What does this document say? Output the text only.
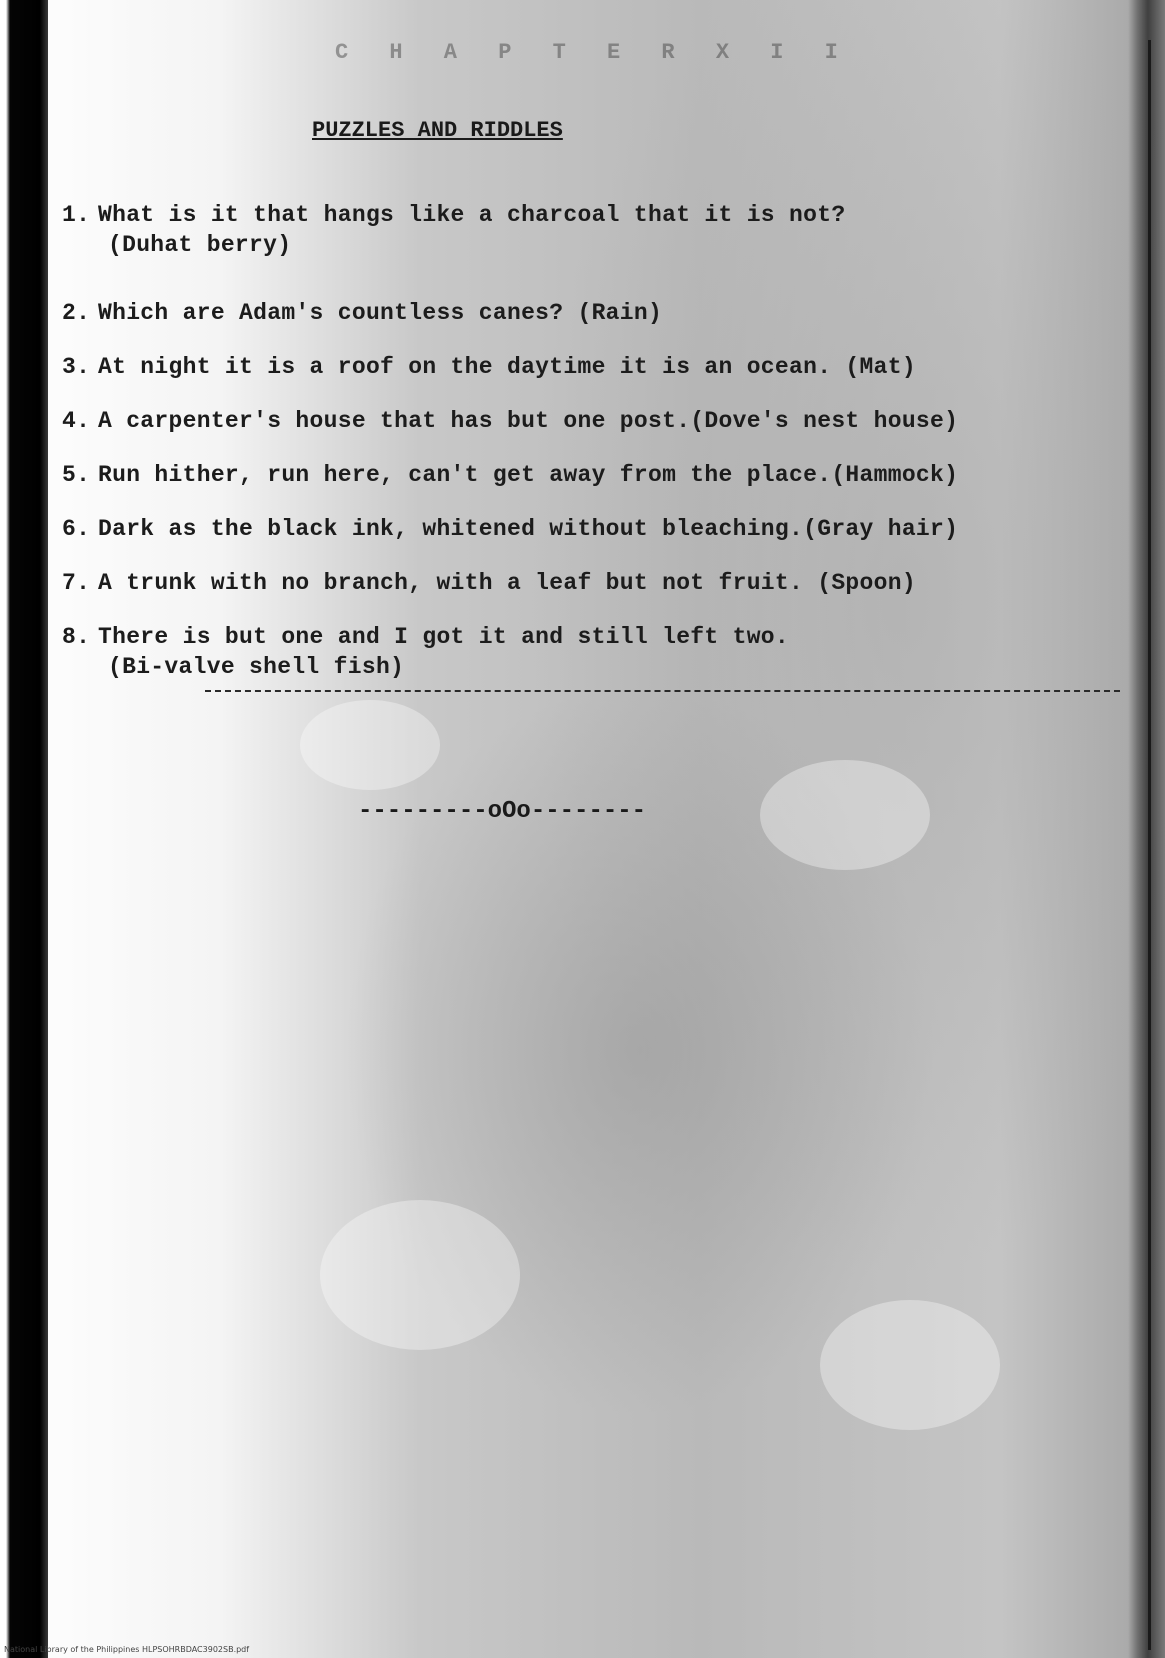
C H A P T E R X I I
PUZZLES AND RIDDLES
1. What is it that hangs like a charcoal that it is not?
(Duhat berry)
2. Which are Adam's countless canes? (Rain)
3. At night it is a roof on the daytime it is an ocean. (Mat)
4. A carpenter's house that has but one post.(Dove's nest house)
5. Run hither, run here, can't get away from the place.(Hammock)
6. Dark as the black ink, whitened without bleaching.(Gray hair)
7. A trunk with no branch, with a leaf but not fruit. (Spoon)
8. There is but one and I got it and still left two.
(Bi-valve shell fish)
---------oOo--------
National Library of the Philippines HLPSOHRBDAC3902SB.pdf
